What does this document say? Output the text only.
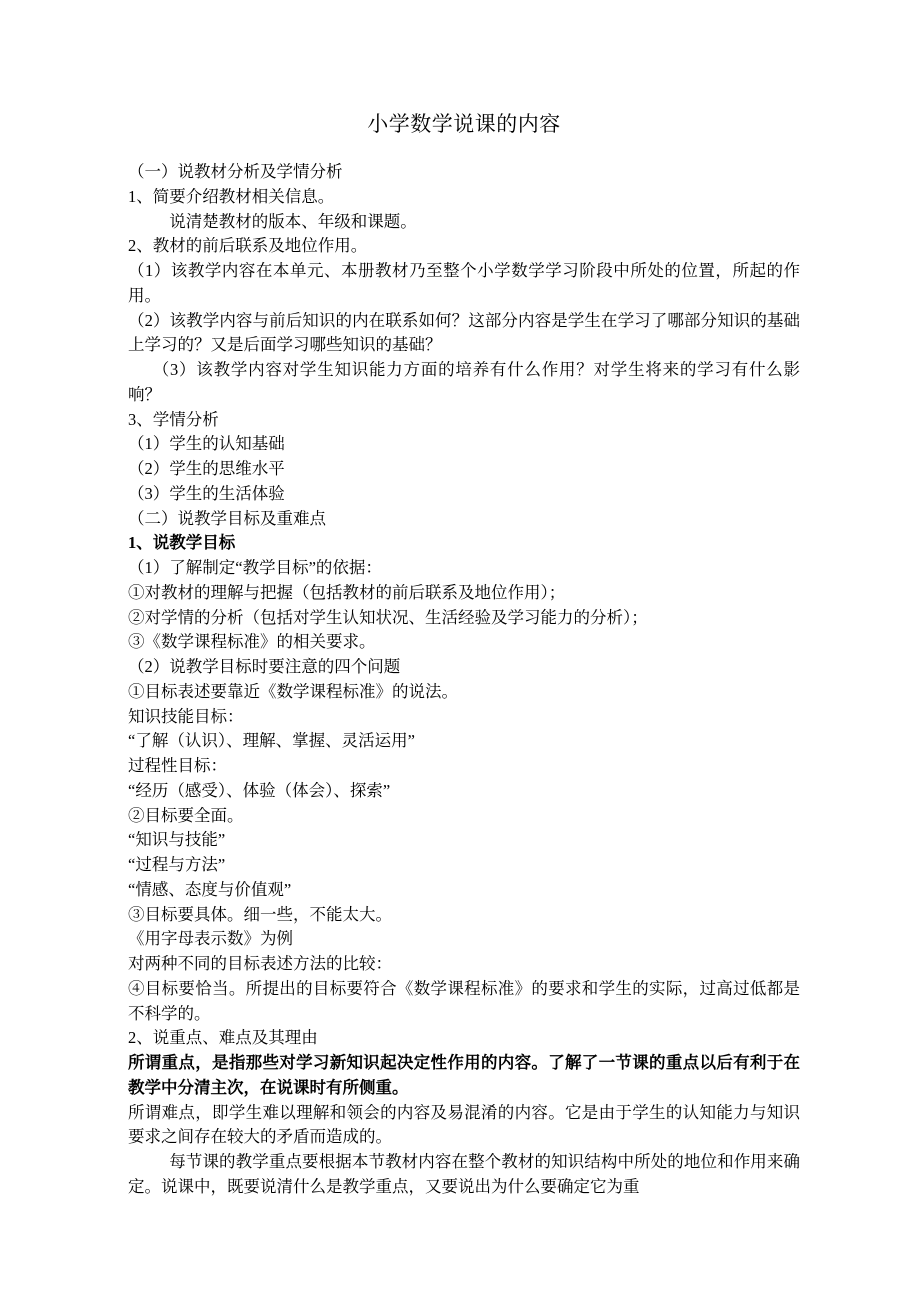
小学数学说课的内容

（一）说教材分析及学情分析

1、简要介绍教材相关信息。

说清楚教材的版本、年级和课题。

2、教材的前后联系及地位作用。

（1）该教学内容在本单元、本册教材乃至整个小学数学学习阶段中所处的位置，所起的作用。

（2）该教学内容与前后知识的内在联系如何？这部分内容是学生在学习了哪部分知识的基础上学习的？又是后面学习哪些知识的基础？

（3）该教学内容对学生知识能力方面的培养有什么作用？对学生将来的学习有什么影响？

3、学情分析

（1）学生的认知基础

（2）学生的思维水平

（3）学生的生活体验

（二）说教学目标及重难点

1、说教学目标

（1）了解制定“教学目标”的依据：

①对教材的理解与把握（包括教材的前后联系及地位作用）；

②对学情的分析（包括对学生认知状况、生活经验及学习能力的分析）；

③《数学课程标准》的相关要求。

（2）说教学目标时要注意的四个问题

①目标表述要靠近《数学课程标准》的说法。

知识技能目标：

“了解（认识）、理解、掌握、灵活运用”

过程性目标：

“经历（感受）、体验（体会）、探索”

②目标要全面。

“知识与技能”

“过程与方法”

“情感、态度与价值观”

③目标要具体。细一些，不能太大。

《用字母表示数》为例

对两种不同的目标表述方法的比较：

④目标要恰当。所提出的目标要符合《数学课程标准》的要求和学生的实际，过高过低都是不科学的。

2、说重点、难点及其理由

所谓重点，是指那些对学习新知识起决定性作用的内容。了解了一节课的重点以后有利于在教学中分清主次，在说课时有所侧重。

所谓难点，即学生难以理解和领会的内容及易混淆的内容。它是由于学生的认知能力与知识要求之间存在较大的矛盾而造成的。

每节课的教学重点要根据本节教材内容在整个教材的知识结构中所处的地位和作用来确定。说课中，既要说清什么是教学重点，又要说出为什么要确定它为重
